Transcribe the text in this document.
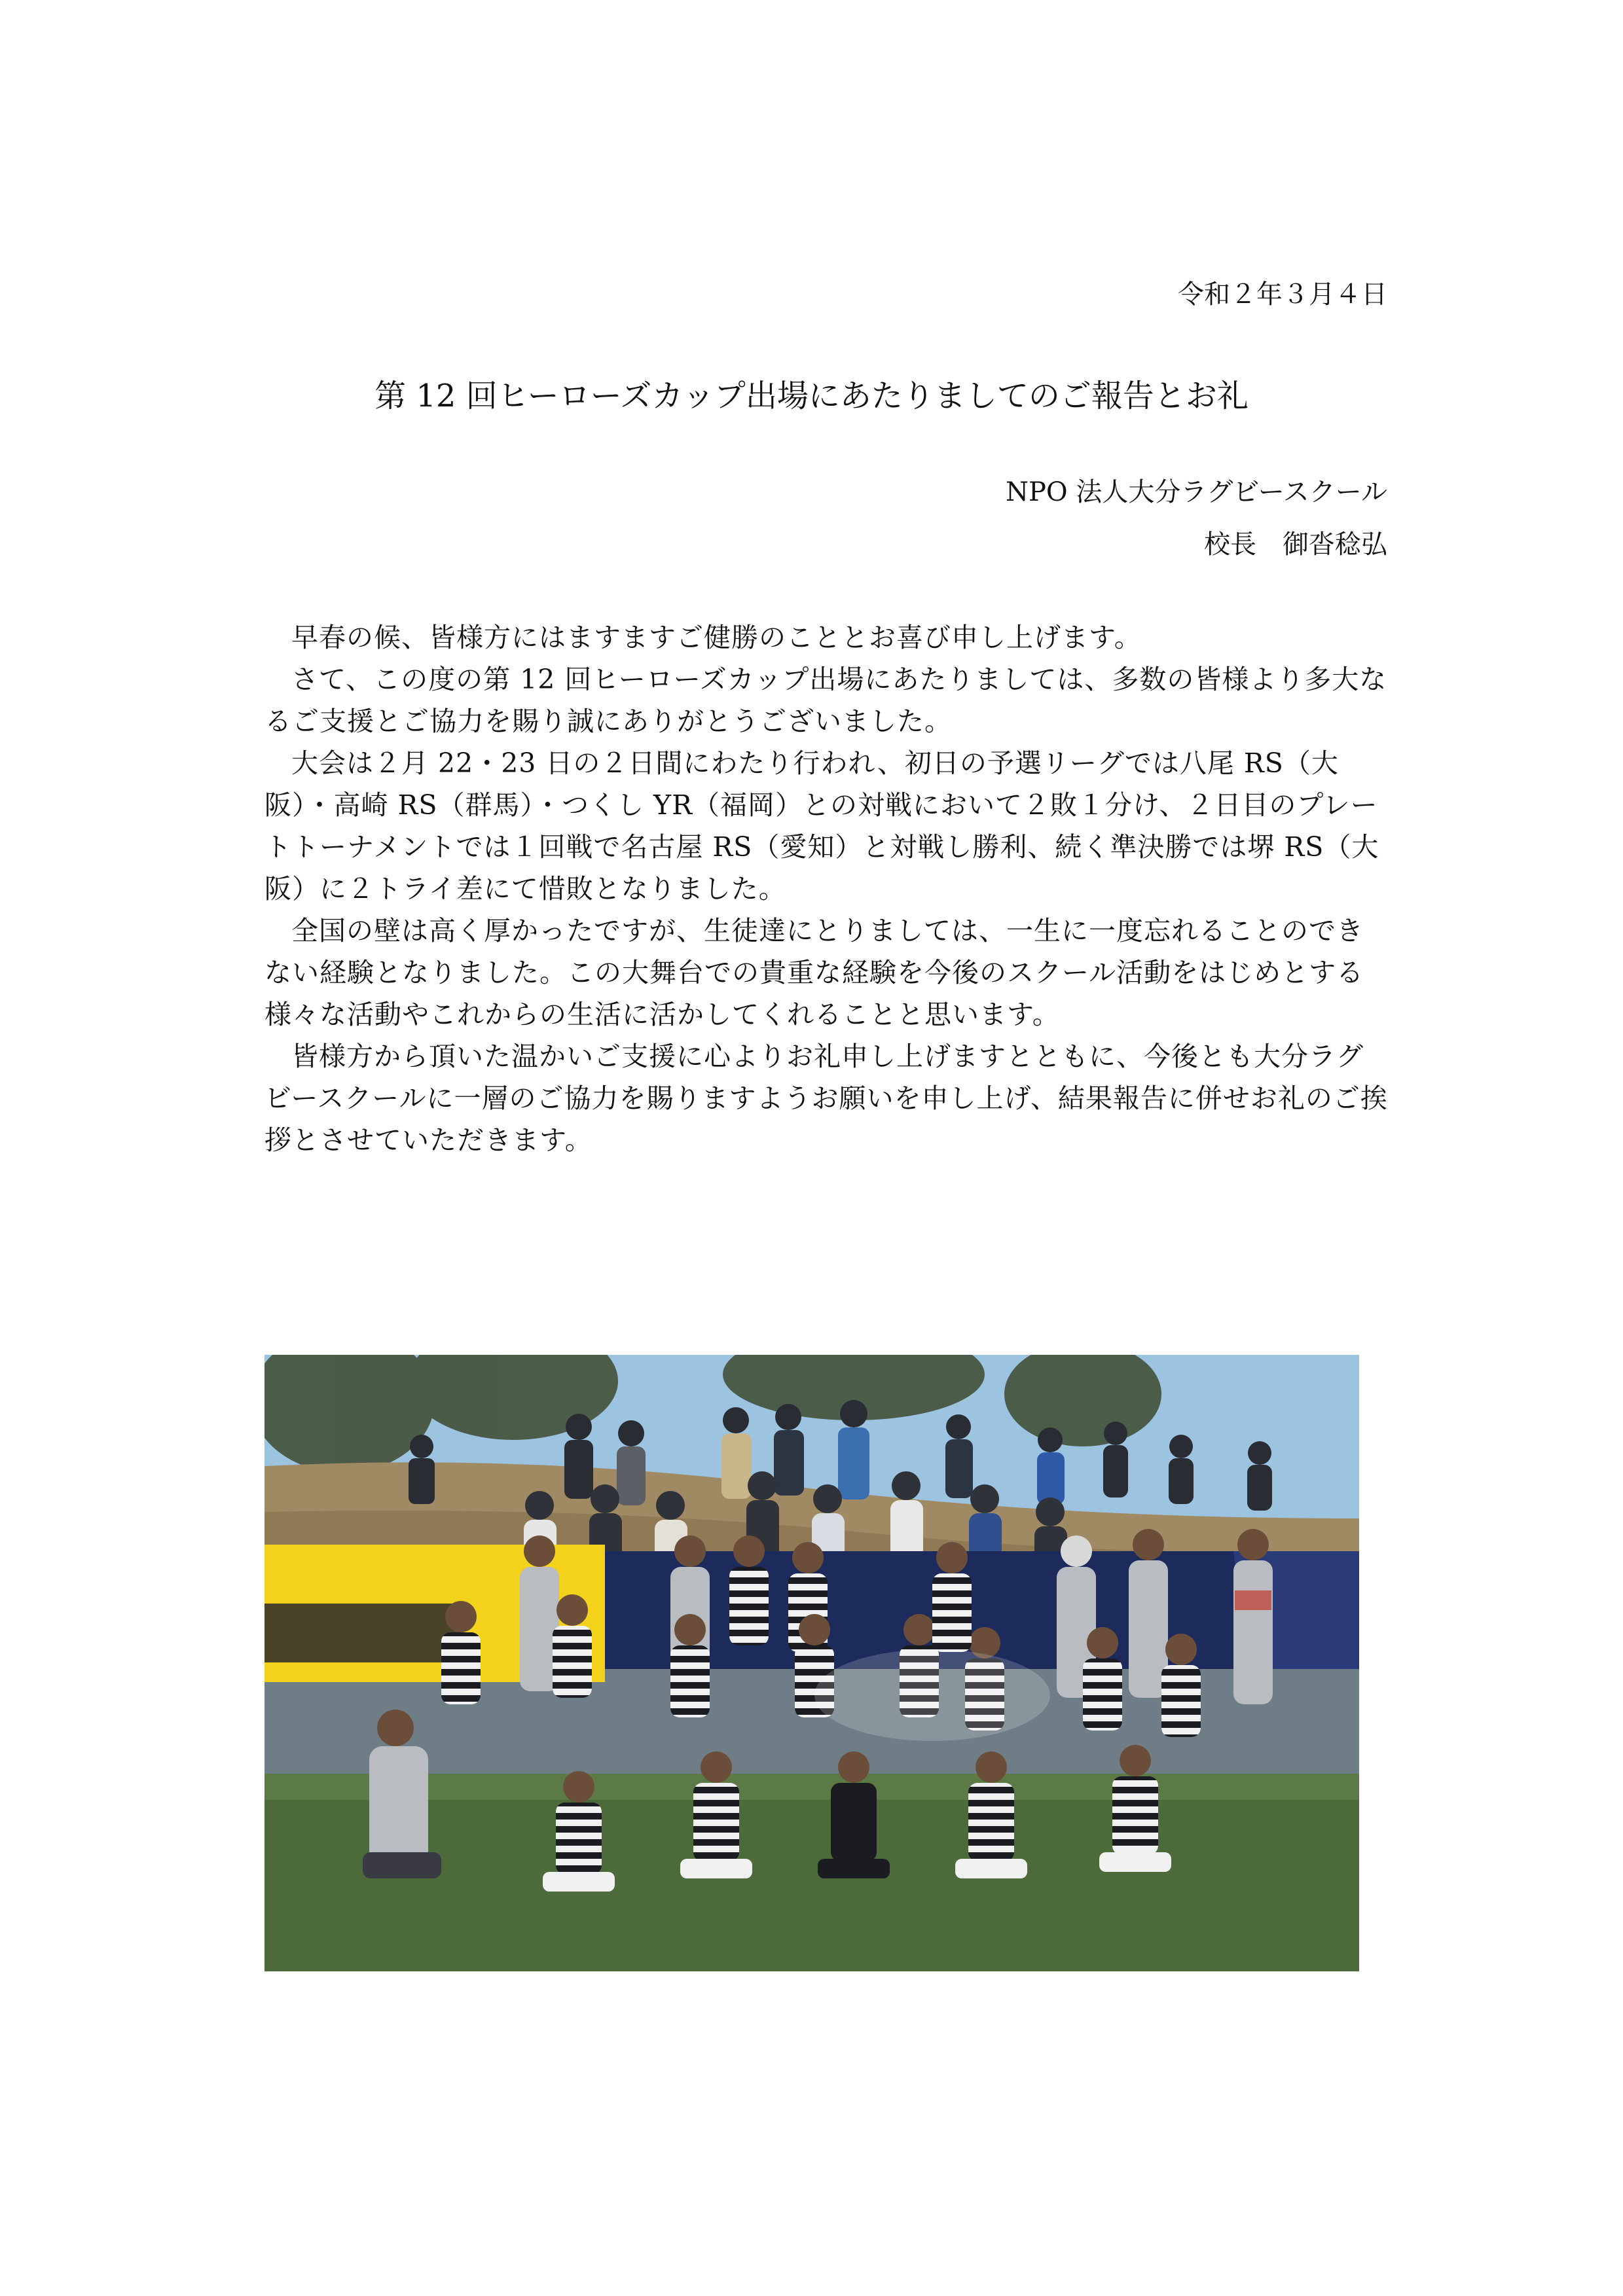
令和２年３月４日
第 12 回ヒーローズカップ出場にあたりましてのご報告とお礼
NPO 法人大分ラグビースクール
校長　御沓稔弘

早春の候、皆様方にはますますご健勝のこととお喜び申し上げます。

さて、この度の第 12 回ヒーローズカップ出場にあたりましては、多数の皆様より多大なるご支援とご協力を賜り誠にありがとうございました。

大会は２月 22・23 日の２日間にわたり行われ、初日の予選リーグでは八尾 RS（大阪）・高崎 RS（群馬）・つくし YR（福岡）との対戦において２敗１分け、２日目のプレートトーナメントでは１回戦で名古屋 RS（愛知）と対戦し勝利、続く準決勝では堺 RS（大阪）に２トライ差にて惜敗となりました。

全国の壁は高く厚かったですが、生徒達にとりましては、一生に一度忘れることのできない経験となりました。この大舞台での貴重な経験を今後のスクール活動をはじめとする様々な活動やこれからの生活に活かしてくれることと思います。

皆様方から頂いた温かいご支援に心よりお礼申し上げますとともに、今後とも大分ラグビースクールに一層のご協力を賜りますようお願いを申し上げ、結果報告に併せお礼のご挨拶とさせていただきます。
